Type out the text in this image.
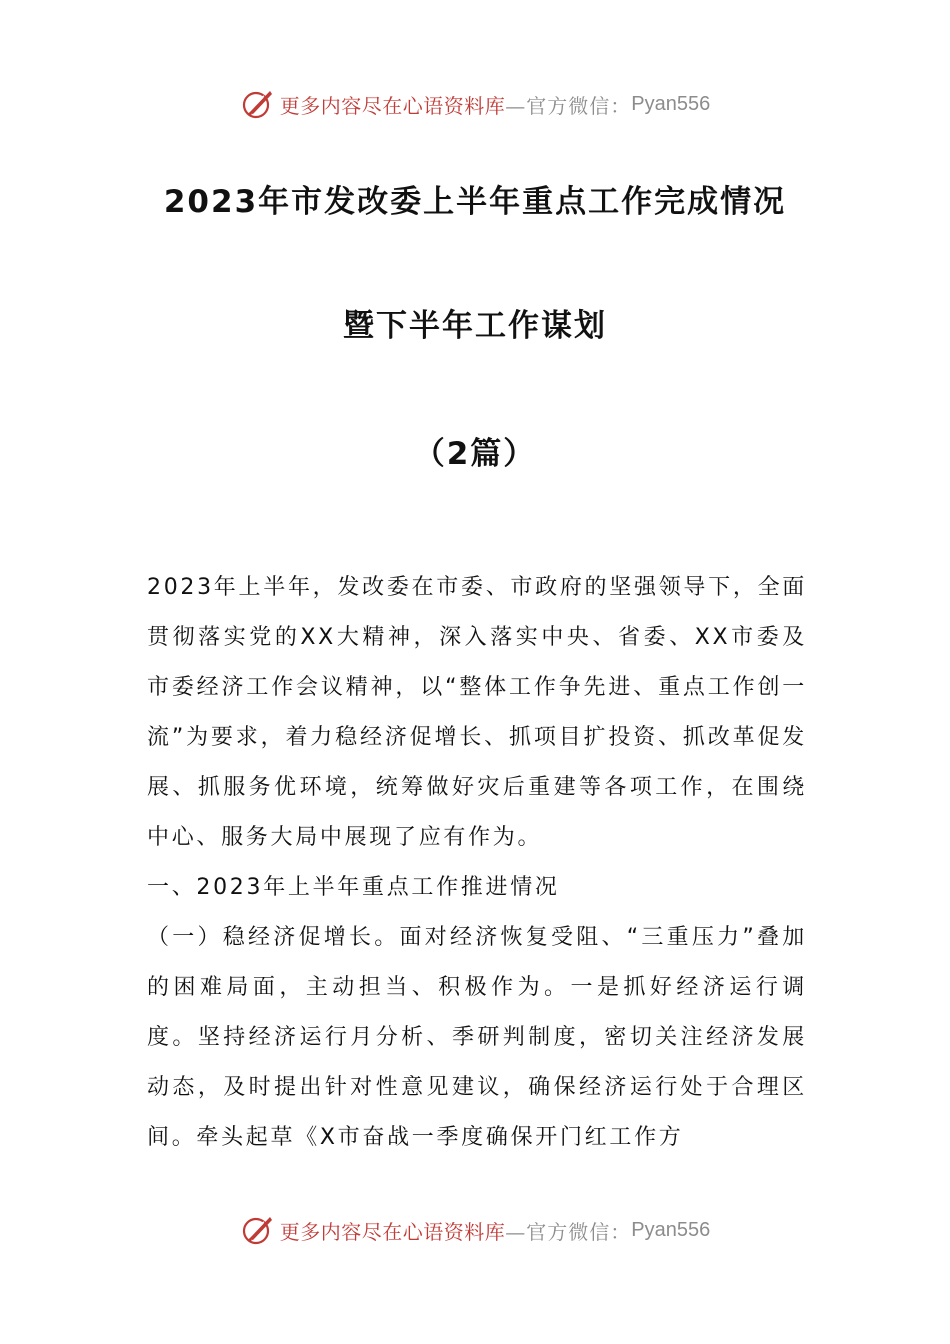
更多内容尽在心语资料库 —官方微信： Pyan556
2023年市发改委上半年重点工作完成情况
暨下半年工作谋划
（2篇）

2023年上半年，发改委在市委、市政府的坚强领导下，全面贯彻落实党的XX大精神，深入落实中央、省委、XX市委及市委经济工作会议精神，以“整体工作争先进、重点工作创一流”为要求，着力稳经济促增长、抓项目扩投资、抓改革促发展、抓服务优环境，统筹做好灾后重建等各项工作，在围绕中心、服务大局中展现了应有作为。

一、2023年上半年重点工作推进情况

（一）稳经济促增长。面对经济恢复受阻、“三重压力”叠加的困难局面，主动担当、积极作为。一是抓好经济运行调度。坚持经济运行月分析、季研判制度，密切关注经济发展动态，及时提出针对性意见建议，确保经济运行处于合理区间。牵头起草《X市奋战一季度确保开门红工作方

更多内容尽在心语资料库 —官方微信： Pyan556
